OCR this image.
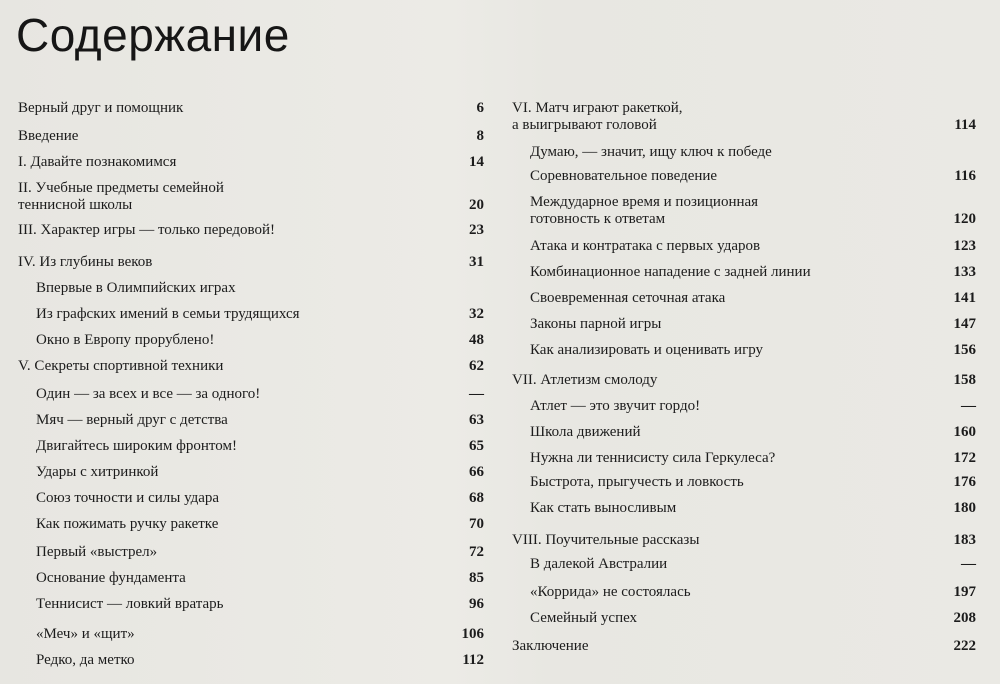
Содержание
Верный друг и помощник	6
Введение	8
I. Давайте познакомимся	14
II. Учебные предметы семейной
теннисной школы	20
III. Характер игры — только передовой!	23
IV. Из глубины веков	31
Впервые в Олимпийских играх
Из графских имений в семьи трудящихся	32
Окно в Европу прорублено!	48
V. Секреты спортивной техники	62
Один — за всех и все — за одного!	—
Мяч — верный друг с детства	63
Двигайтесь широким фронтом!	65
Удары с хитринкой	66
Союз точности и силы удара	68
Как пожимать ручку ракетке	70
Первый «выстрел»	72
Основание фундамента	85
Теннисист — ловкий вратарь	96
«Меч» и «щит»	106
Редко, да метко	112
VI. Матч играют ракеткой,
а выигрывают головой	114
Думаю, — значит, ищу ключ к победе
Соревновательное поведение	116
Междударное время и позиционная
готовность к ответам	120
Атака и контратака с первых ударов	123
Комбинационное нападение с задней линии	133
Своевременная сеточная атака	141
Законы парной игры	147
Как анализировать и оценивать игру	156
VII. Атлетизм смолоду	158
Атлет — это звучит гордо!	—
Школа движений	160
Нужна ли теннисисту сила Геркулеса?	172
Быстрота, прыгучесть и ловкость	176
Как стать выносливым	180
VIII. Поучительные рассказы	183
В далекой Австралии	—
«Коррида» не состоялась	197
Семейный успех	208
Заключение	222
